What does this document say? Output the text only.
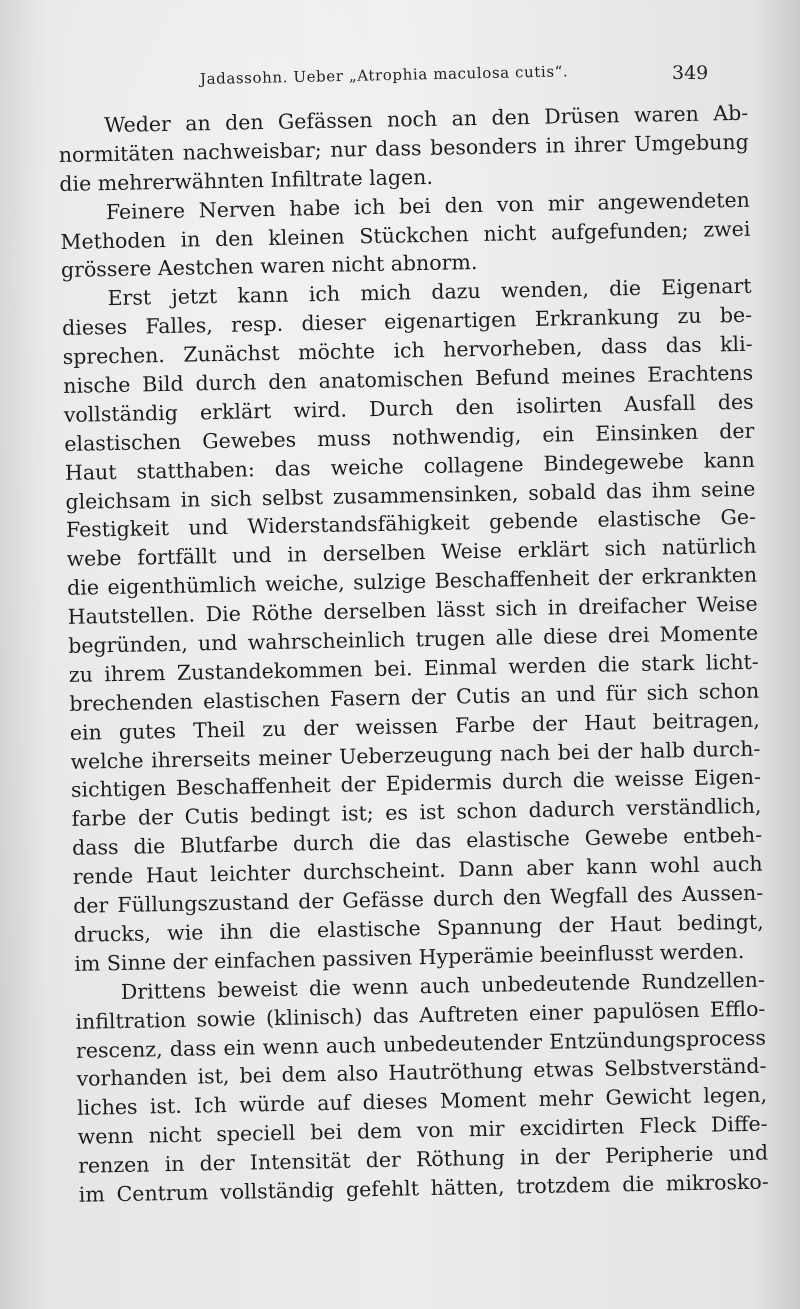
Jadassohn. Ueber „Atrophia maculosa cutis“.	349
Weder an den Gefässen noch an den Drüsen waren Ab-
normitäten nachweisbar; nur dass besonders in ihrer Umgebung
die mehrerwähnten Infiltrate lagen.
Feinere Nerven habe ich bei den von mir angewendeten
Methoden in den kleinen Stückchen nicht aufgefunden; zwei
grössere Aestchen waren nicht abnorm.
Erst jetzt kann ich mich dazu wenden, die Eigenart
dieses Falles, resp. dieser eigenartigen Erkrankung zu be-
sprechen. Zunächst möchte ich hervorheben, dass das kli-
nische Bild durch den anatomischen Befund meines Erachtens
vollständig erklärt wird. Durch den isolirten Ausfall des
elastischen Gewebes muss nothwendig, ein Einsinken der
Haut statthaben: das weiche collagene Bindegewebe kann
gleichsam in sich selbst zusammensinken, sobald das ihm seine
Festigkeit und Widerstandsfähigkeit gebende elastische Ge-
webe fortfällt und in derselben Weise erklärt sich natürlich
die eigenthümlich weiche, sulzige Beschaffenheit der erkrankten
Hautstellen. Die Röthe derselben lässt sich in dreifacher Weise
begründen, und wahrscheinlich trugen alle diese drei Momente
zu ihrem Zustandekommen bei. Einmal werden die stark licht-
brechenden elastischen Fasern der Cutis an und für sich schon
ein gutes Theil zu der weissen Farbe der Haut beitragen,
welche ihrerseits meiner Ueberzeugung nach bei der halb durch-
sichtigen Beschaffenheit der Epidermis durch die weisse Eigen-
farbe der Cutis bedingt ist; es ist schon dadurch verständlich,
dass die Blutfarbe durch die das elastische Gewebe entbeh-
rende Haut leichter durchscheint. Dann aber kann wohl auch
der Füllungszustand der Gefässe durch den Wegfall des Aussen-
drucks, wie ihn die elastische Spannung der Haut bedingt,
im Sinne der einfachen passiven Hyperämie beeinflusst werden.
Drittens beweist die wenn auch unbedeutende Rundzellen-
infiltration sowie (klinisch) das Auftreten einer papulösen Efflo-
rescenz, dass ein wenn auch unbedeutender Entzündungsprocess
vorhanden ist, bei dem also Hautröthung etwas Selbstverständ-
liches ist. Ich würde auf dieses Moment mehr Gewicht legen,
wenn nicht speciell bei dem von mir excidirten Fleck Diffe-
renzen in der Intensität der Röthung in der Peripherie und
im Centrum vollständig gefehlt hätten, trotzdem die mikrosko-
